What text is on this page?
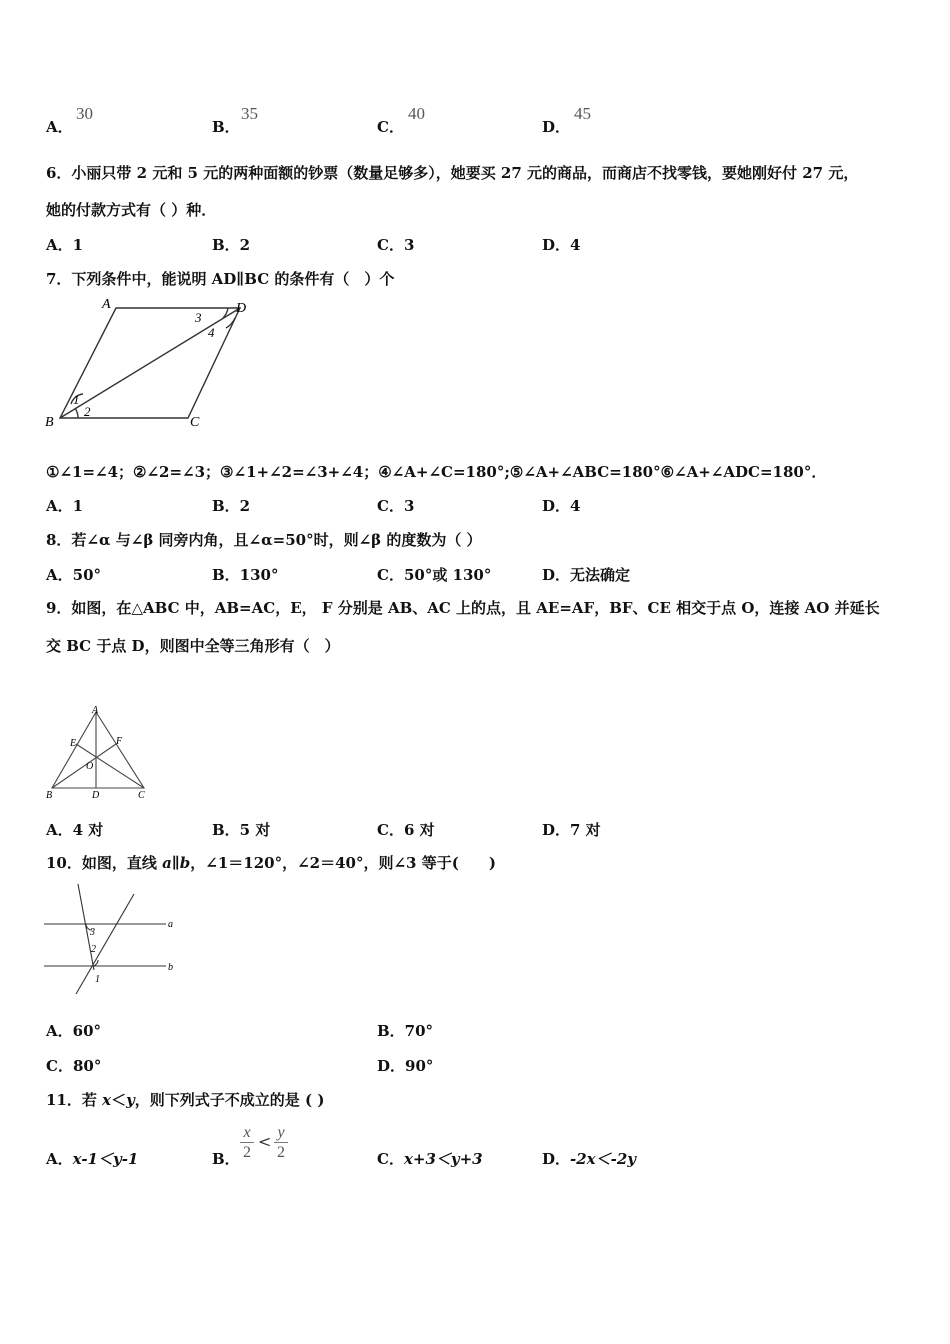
A．
30
B．
35
C．
40
D．
45
6．小丽只带 2 元和 5 元的两种面额的钞票（数量足够多），她要买 27 元的商品，而商店不找零钱，要她刚好付 27 元，
她的付款方式有（ ）种．
A．1	B．2	C．3	D．4
7．下列条件中，能说明 AD∥BC 的条件有（　）个
A	D
B	C
1
2
3
4
①∠1=∠4；②∠2=∠3；③∠1+∠2=∠3+∠4；④∠A+∠C=180°;⑤∠A+∠ABC=180°⑥∠A+∠ADC=180°．
A．1	B．2	C．3	D．4
8．若∠α 与∠β 同旁内角，且∠α=50°时，则∠β 的度数为（ ）
A．50°	B．130°	C．50°或 130°	D．无法确定
9．如图，在△ABC 中，AB=AC，E， F 分别是 AB、AC 上的点，且 AE=AF，BF、CE 相交于点 O，连接 AO 并延长
交 BC 于点 D，则图中全等三角形有（　）
A
E	F
O
B	D	C
A．4 对	B．5 对	C．6 对	D．7 对
10．如图，直线 a∥b，∠1＝120°，∠2＝40°，则∠3 等于(　　)
a
b
3
2
1
A．60°	B．70°
C．80°	D．90°
11．若 x＜y，则下列式子不成立的是 ( )
A．x-1＜y-1	B． $\frac{x}{2} < \frac{y}{2}$	C．x+3＜y+3	D．-2x＜-2y
